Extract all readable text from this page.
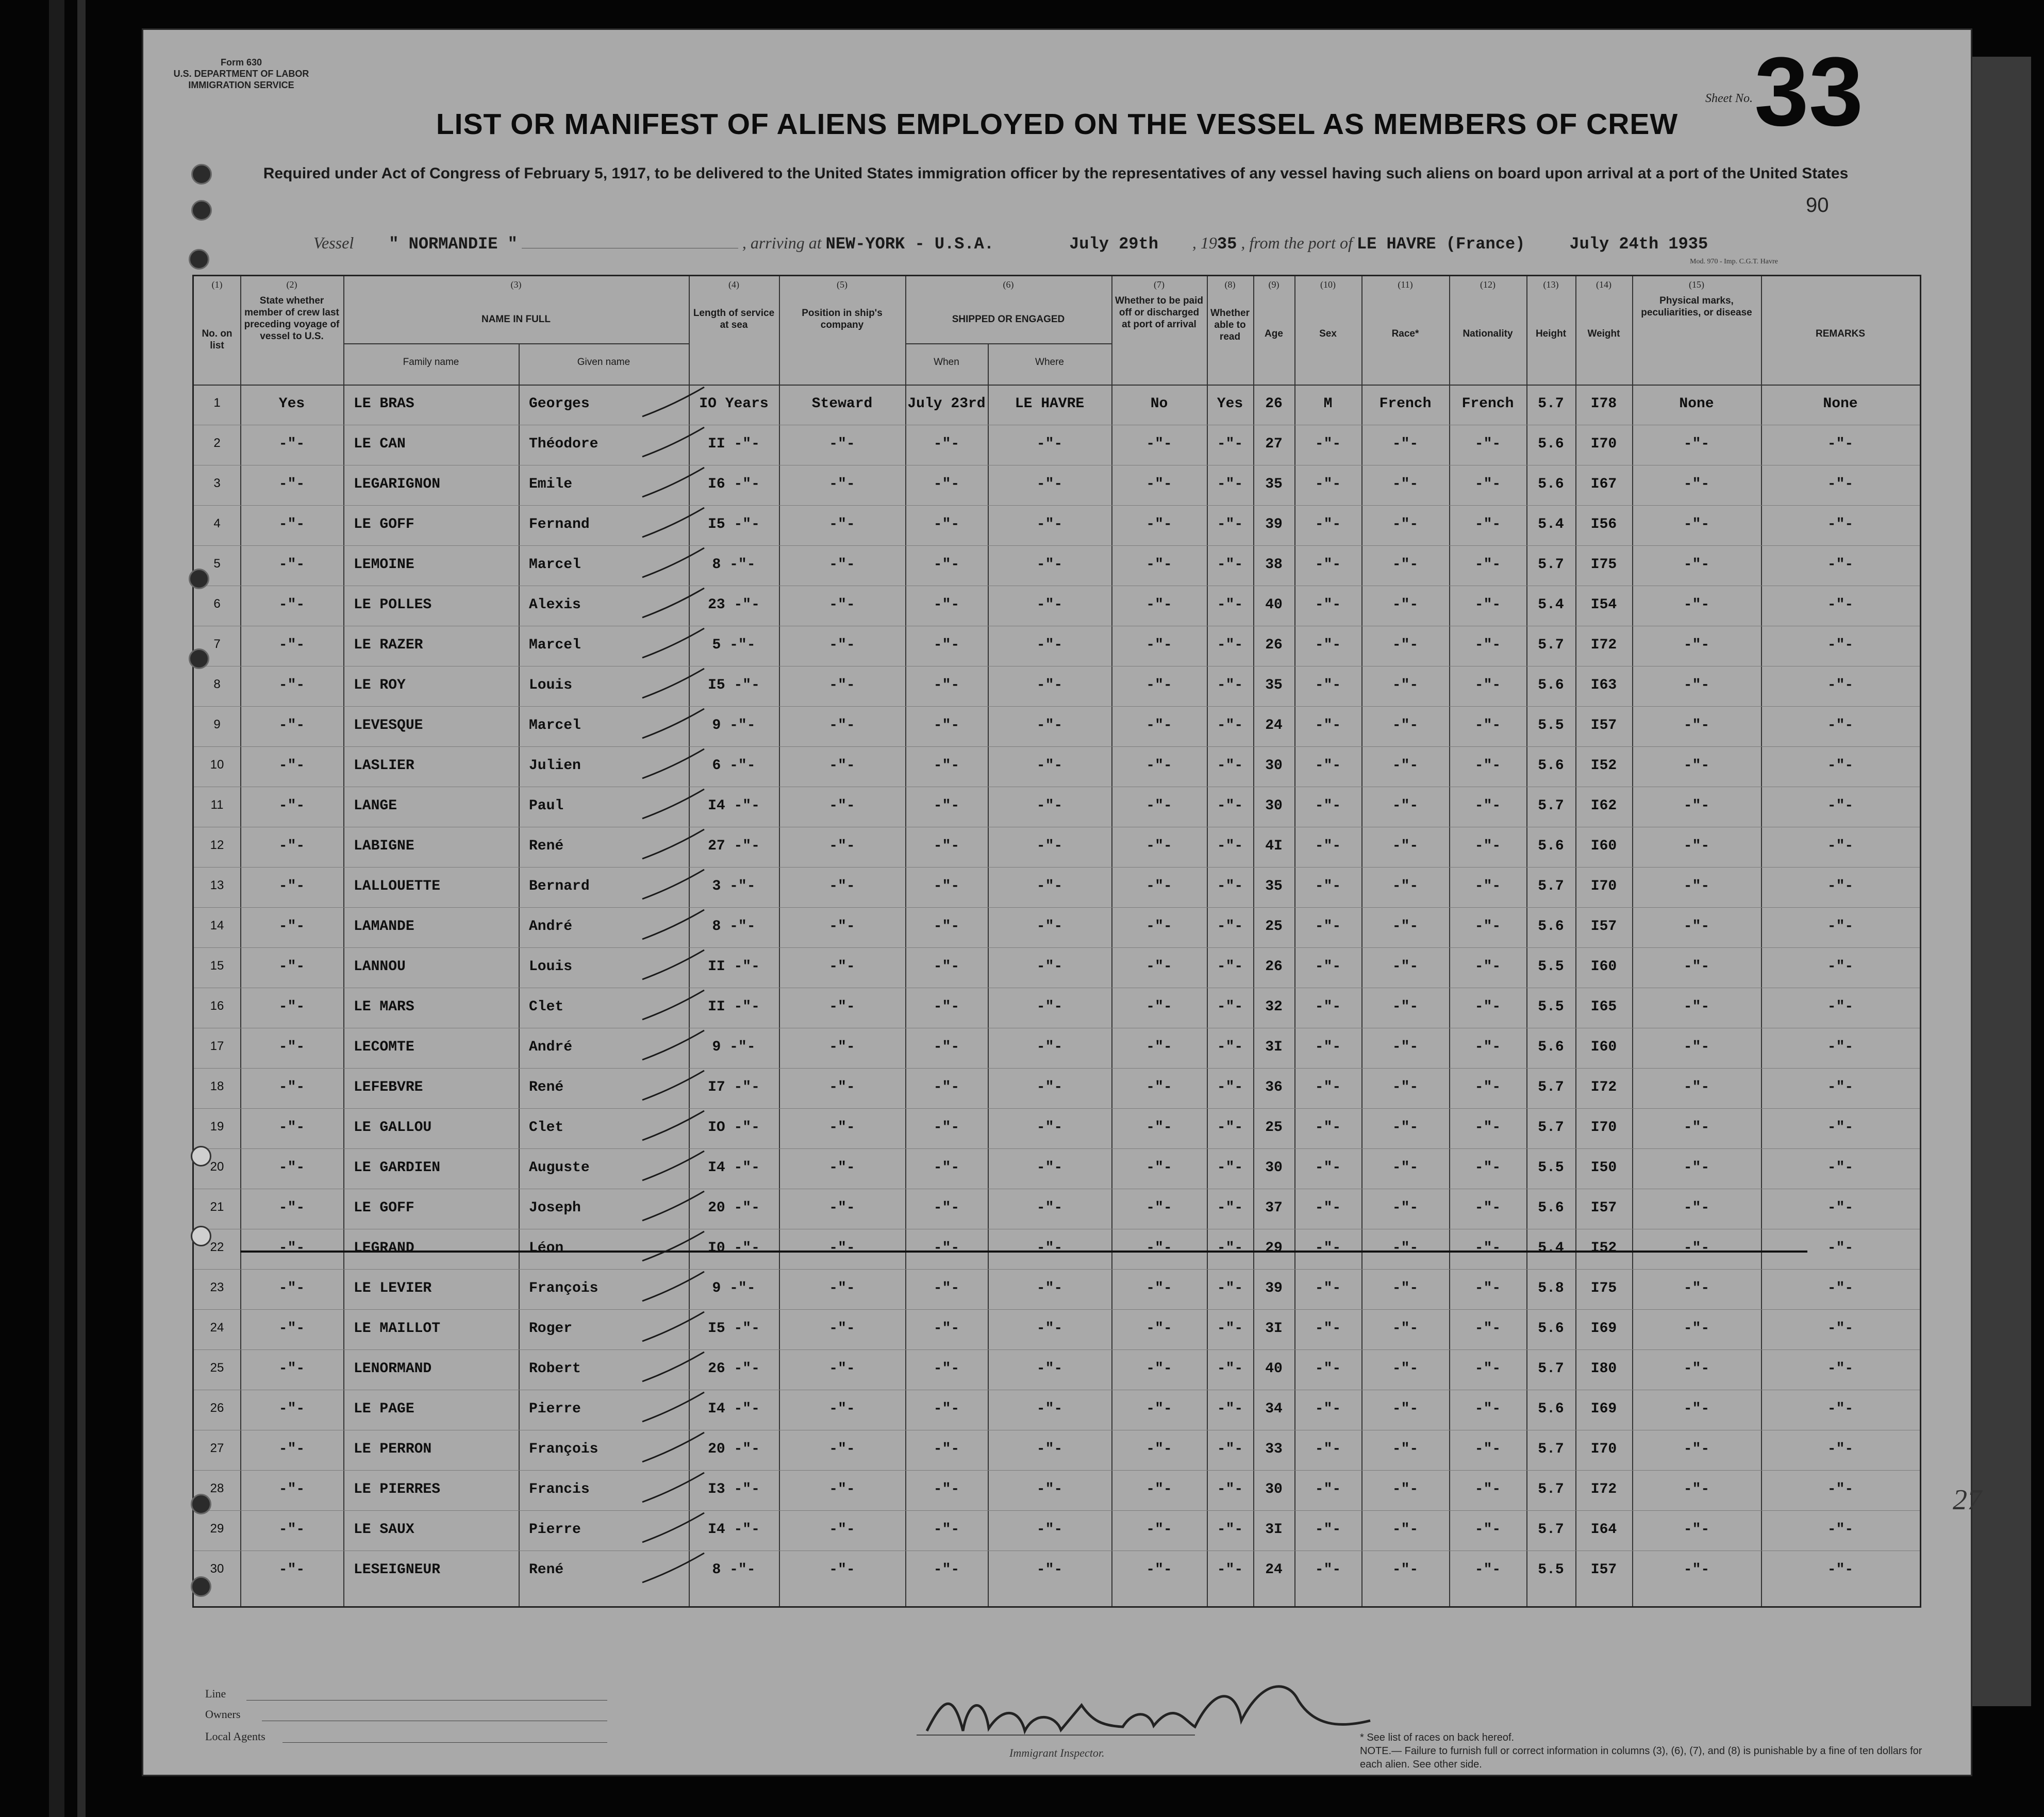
Form 630
U.S. DEPARTMENT OF LABOR
IMMIGRATION SERVICE
Sheet No. 33
LIST OR MANIFEST OF ALIENS EMPLOYED ON THE VESSEL AS MEMBERS OF CREW
Required under Act of Congress of February 5, 1917, to be delivered to the United States immigration officer by the representatives of any vessel having such aliens on board upon arrival at a port of the United States
90
Vessel " NORMANDIE "	, arriving at NEW-YORK - U.S.A.	July 29th , 1935 , from the port of LE HAVRE (France)	July 24th 1935
Mod. 970 - Imp. C.G.T. Havre
(1)
No. on list
(2)
State whether member of crew last preceding voyage of vessel to U.S.
(3)
NAME IN FULL
Family name	Given name
(4)
Length of service at sea
(5)
Position in ship's company
(6)
SHIPPED OR ENGAGED
When	Where
(7)
Whether to be paid off or discharged at port of arrival
(8)
Whether able to read
(9)
Age
(10)
Sex
(11)
Race*
(12)
Nationality
(13)
Height
(14)
Weight
(15)
Physical marks, peculiarities, or disease
REMARKS
1	Yes	LE BRAS	Georges	IO Years	Steward	July 23rd	LE HAVRE	No	Yes	26	M	French	French	5.7	I78	None	None
2	-"-	LE CAN	Théodore	II -"-	-"-	-"-	-"-	-"-	-"-	27	-"-	-"-	-"-	5.6	I70	-"-	-"-
3	-"-	LEGARIGNON	Emile	I6 -"-	-"-	-"-	-"-	-"-	-"-	35	-"-	-"-	-"-	5.6	I67	-"-	-"-
4	-"-	LE GOFF	Fernand	I5 -"-	-"-	-"-	-"-	-"-	-"-	39	-"-	-"-	-"-	5.4	I56	-"-	-"-
5	-"-	LEMOINE	Marcel	8 -"-	-"-	-"-	-"-	-"-	-"-	38	-"-	-"-	-"-	5.7	I75	-"-	-"-
6	-"-	LE POLLES	Alexis	23 -"-	-"-	-"-	-"-	-"-	-"-	40	-"-	-"-	-"-	5.4	I54	-"-	-"-
7	-"-	LE RAZER	Marcel	5 -"-	-"-	-"-	-"-	-"-	-"-	26	-"-	-"-	-"-	5.7	I72	-"-	-"-
8	-"-	LE ROY	Louis	I5 -"-	-"-	-"-	-"-	-"-	-"-	35	-"-	-"-	-"-	5.6	I63	-"-	-"-
9	-"-	LEVESQUE	Marcel	9 -"-	-"-	-"-	-"-	-"-	-"-	24	-"-	-"-	-"-	5.5	I57	-"-	-"-
10	-"-	LASLIER	Julien	6 -"-	-"-	-"-	-"-	-"-	-"-	30	-"-	-"-	-"-	5.6	I52	-"-	-"-
11	-"-	LANGE	Paul	I4 -"-	-"-	-"-	-"-	-"-	-"-	30	-"-	-"-	-"-	5.7	I62	-"-	-"-
12	-"-	LABIGNE	René	27 -"-	-"-	-"-	-"-	-"-	-"-	4I	-"-	-"-	-"-	5.6	I60	-"-	-"-
13	-"-	LALLOUETTE	Bernard	3 -"-	-"-	-"-	-"-	-"-	-"-	35	-"-	-"-	-"-	5.7	I70	-"-	-"-
14	-"-	LAMANDE	André	8 -"-	-"-	-"-	-"-	-"-	-"-	25	-"-	-"-	-"-	5.6	I57	-"-	-"-
15	-"-	LANNOU	Louis	II -"-	-"-	-"-	-"-	-"-	-"-	26	-"-	-"-	-"-	5.5	I60	-"-	-"-
16	-"-	LE MARS	Clet	II -"-	-"-	-"-	-"-	-"-	-"-	32	-"-	-"-	-"-	5.5	I65	-"-	-"-
17	-"-	LECOMTE	André	9 -"-	-"-	-"-	-"-	-"-	-"-	3I	-"-	-"-	-"-	5.6	I60	-"-	-"-
18	-"-	LEFEBVRE	René	I7 -"-	-"-	-"-	-"-	-"-	-"-	36	-"-	-"-	-"-	5.7	I72	-"-	-"-
19	-"-	LE GALLOU	Clet	IO -"-	-"-	-"-	-"-	-"-	-"-	25	-"-	-"-	-"-	5.7	I70	-"-	-"-
20	-"-	LE GARDIEN	Auguste	I4 -"-	-"-	-"-	-"-	-"-	-"-	30	-"-	-"-	-"-	5.5	I50	-"-	-"-
21	-"-	LE GOFF	Joseph	20 -"-	-"-	-"-	-"-	-"-	-"-	37	-"-	-"-	-"-	5.6	I57	-"-	-"-
22	-"-	LEGRAND	Léon	I0 -"-	-"-	-"-	-"-	-"-	-"-	29	-"-	-"-	-"-	5.4	I52	-"-	-"-
23	-"-	LE LEVIER	François	9 -"-	-"-	-"-	-"-	-"-	-"-	39	-"-	-"-	-"-	5.8	I75	-"-	-"-
24	-"-	LE MAILLOT	Roger	I5 -"-	-"-	-"-	-"-	-"-	-"-	3I	-"-	-"-	-"-	5.6	I69	-"-	-"-
25	-"-	LENORMAND	Robert	26 -"-	-"-	-"-	-"-	-"-	-"-	40	-"-	-"-	-"-	5.7	I80	-"-	-"-
26	-"-	LE PAGE	Pierre	I4 -"-	-"-	-"-	-"-	-"-	-"-	34	-"-	-"-	-"-	5.6	I69	-"-	-"-
27	-"-	LE PERRON	François	20 -"-	-"-	-"-	-"-	-"-	-"-	33	-"-	-"-	-"-	5.7	I70	-"-	-"-
28	-"-	LE PIERRES	Francis	I3 -"-	-"-	-"-	-"-	-"-	-"-	30	-"-	-"-	-"-	5.7	I72	-"-	-"-
29	-"-	LE SAUX	Pierre	I4 -"-	-"-	-"-	-"-	-"-	-"-	3I	-"-	-"-	-"-	5.7	I64	-"-	-"-
30	-"-	LESEIGNEUR	René	8 -"-	-"-	-"-	-"-	-"-	-"-	24	-"-	-"-	-"-	5.5	I57	-"-	-"-
Line
Owners
Local Agents
Immigrant Inspector.
* See list of races on back hereof.
NOTE.— Failure to furnish full or correct information in columns (3), (6), (7), and (8) is punishable by a fine of ten dollars for each alien. See other side.
27
